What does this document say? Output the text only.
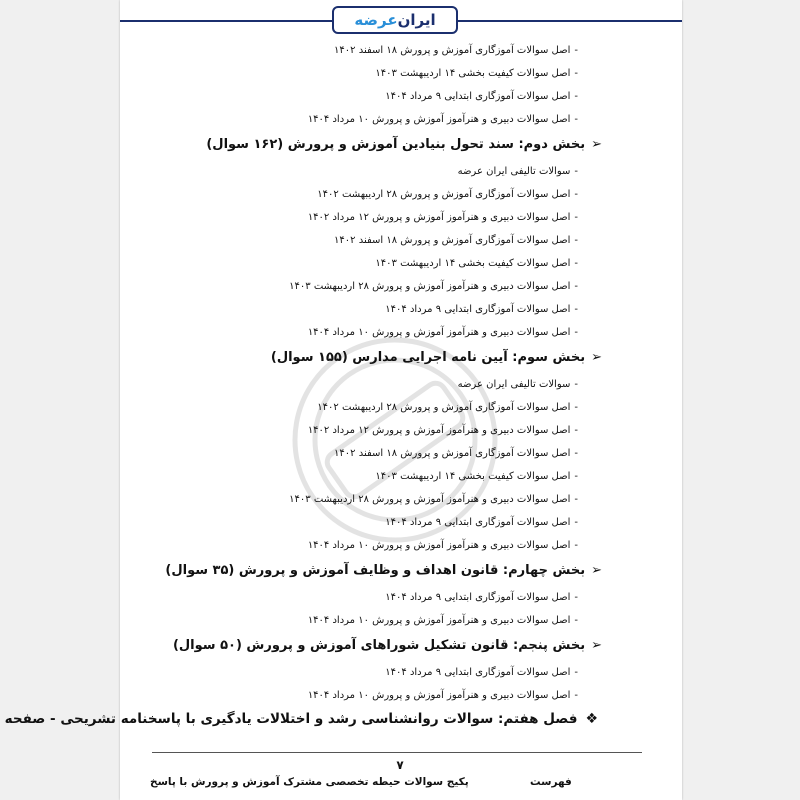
ایران
عرضه
-اصل سوالات آموزگاری آموزش و پرورش ۱۸ اسفند ۱۴۰۲
-اصل سوالات کیفیت بخشی ۱۴ اردیبهشت ۱۴۰۳
-اصل سوالات آموزگاری ابتدایی ۹ مرداد ۱۴۰۴
-اصل سوالات دبیری و هنرآموز آموزش و پرورش ۱۰ مرداد ۱۴۰۴
➢بخش دوم: سند تحول بنیادین آموزش و پرورش (۱۶۲ سوال)
-سوالات تالیفی ایران عرضه
-اصل سوالات آموزگاری آموزش و پرورش ۲۸ اردیبهشت ۱۴۰۲
-اصل سوالات دبیری و هنرآموز آموزش و پرورش ۱۲ مرداد ۱۴۰۲
-اصل سوالات آموزگاری آموزش و پرورش ۱۸ اسفند ۱۴۰۲
-اصل سوالات کیفیت بخشی ۱۴ اردیبهشت ۱۴۰۳
-اصل سوالات دبیری و هنرآموز آموزش و پرورش ۲۸ اردیبهشت ۱۴۰۳
-اصل سوالات آموزگاری ابتدایی ۹ مرداد ۱۴۰۴
-اصل سوالات دبیری و هنرآموز آموزش و پرورش ۱۰ مرداد ۱۴۰۴
➢بخش سوم: آیین نامه اجرایی مدارس (۱۵۵ سوال)
-سوالات تالیفی ایران عرضه
-اصل سوالات آموزگاری آموزش و پرورش ۲۸ اردیبهشت ۱۴۰۲
-اصل سوالات دبیری و هنرآموز آموزش و پرورش ۱۲ مرداد ۱۴۰۲
-اصل سوالات آموزگاری آموزش و پرورش ۱۸ اسفند ۱۴۰۲
-اصل سوالات کیفیت بخشی ۱۴ اردیبهشت ۱۴۰۳
-اصل سوالات دبیری و هنرآموز آموزش و پرورش ۲۸ اردیبهشت ۱۴۰۳
-اصل سوالات آموزگاری ابتدایی ۹ مرداد ۱۴۰۴
-اصل سوالات دبیری و هنرآموز آموزش و پرورش ۱۰ مرداد ۱۴۰۴
➢بخش چهارم: قانون اهداف و وظایف آموزش و پرورش (۳۵ سوال)
-اصل سوالات آموزگاری ابتدایی ۹ مرداد ۱۴۰۴
-اصل سوالات دبیری و هنرآموز آموزش و پرورش ۱۰ مرداد ۱۴۰۴
➢بخش پنجم: قانون تشکیل شوراهای آموزش و پرورش (۵۰ سوال)
-اصل سوالات آموزگاری ابتدایی ۹ مرداد ۱۴۰۴
-اصل سوالات دبیری و هنرآموز آموزش و پرورش ۱۰ مرداد ۱۴۰۴
❖فصل هفتم: سوالات روانشناسی رشد و اختلالات یادگیری با پاسخنامه تشریحی - صفحه
۷
پکیج سوالات حیطه تخصصی مشترک آموزش و پرورش با پاسخ	فهرست
